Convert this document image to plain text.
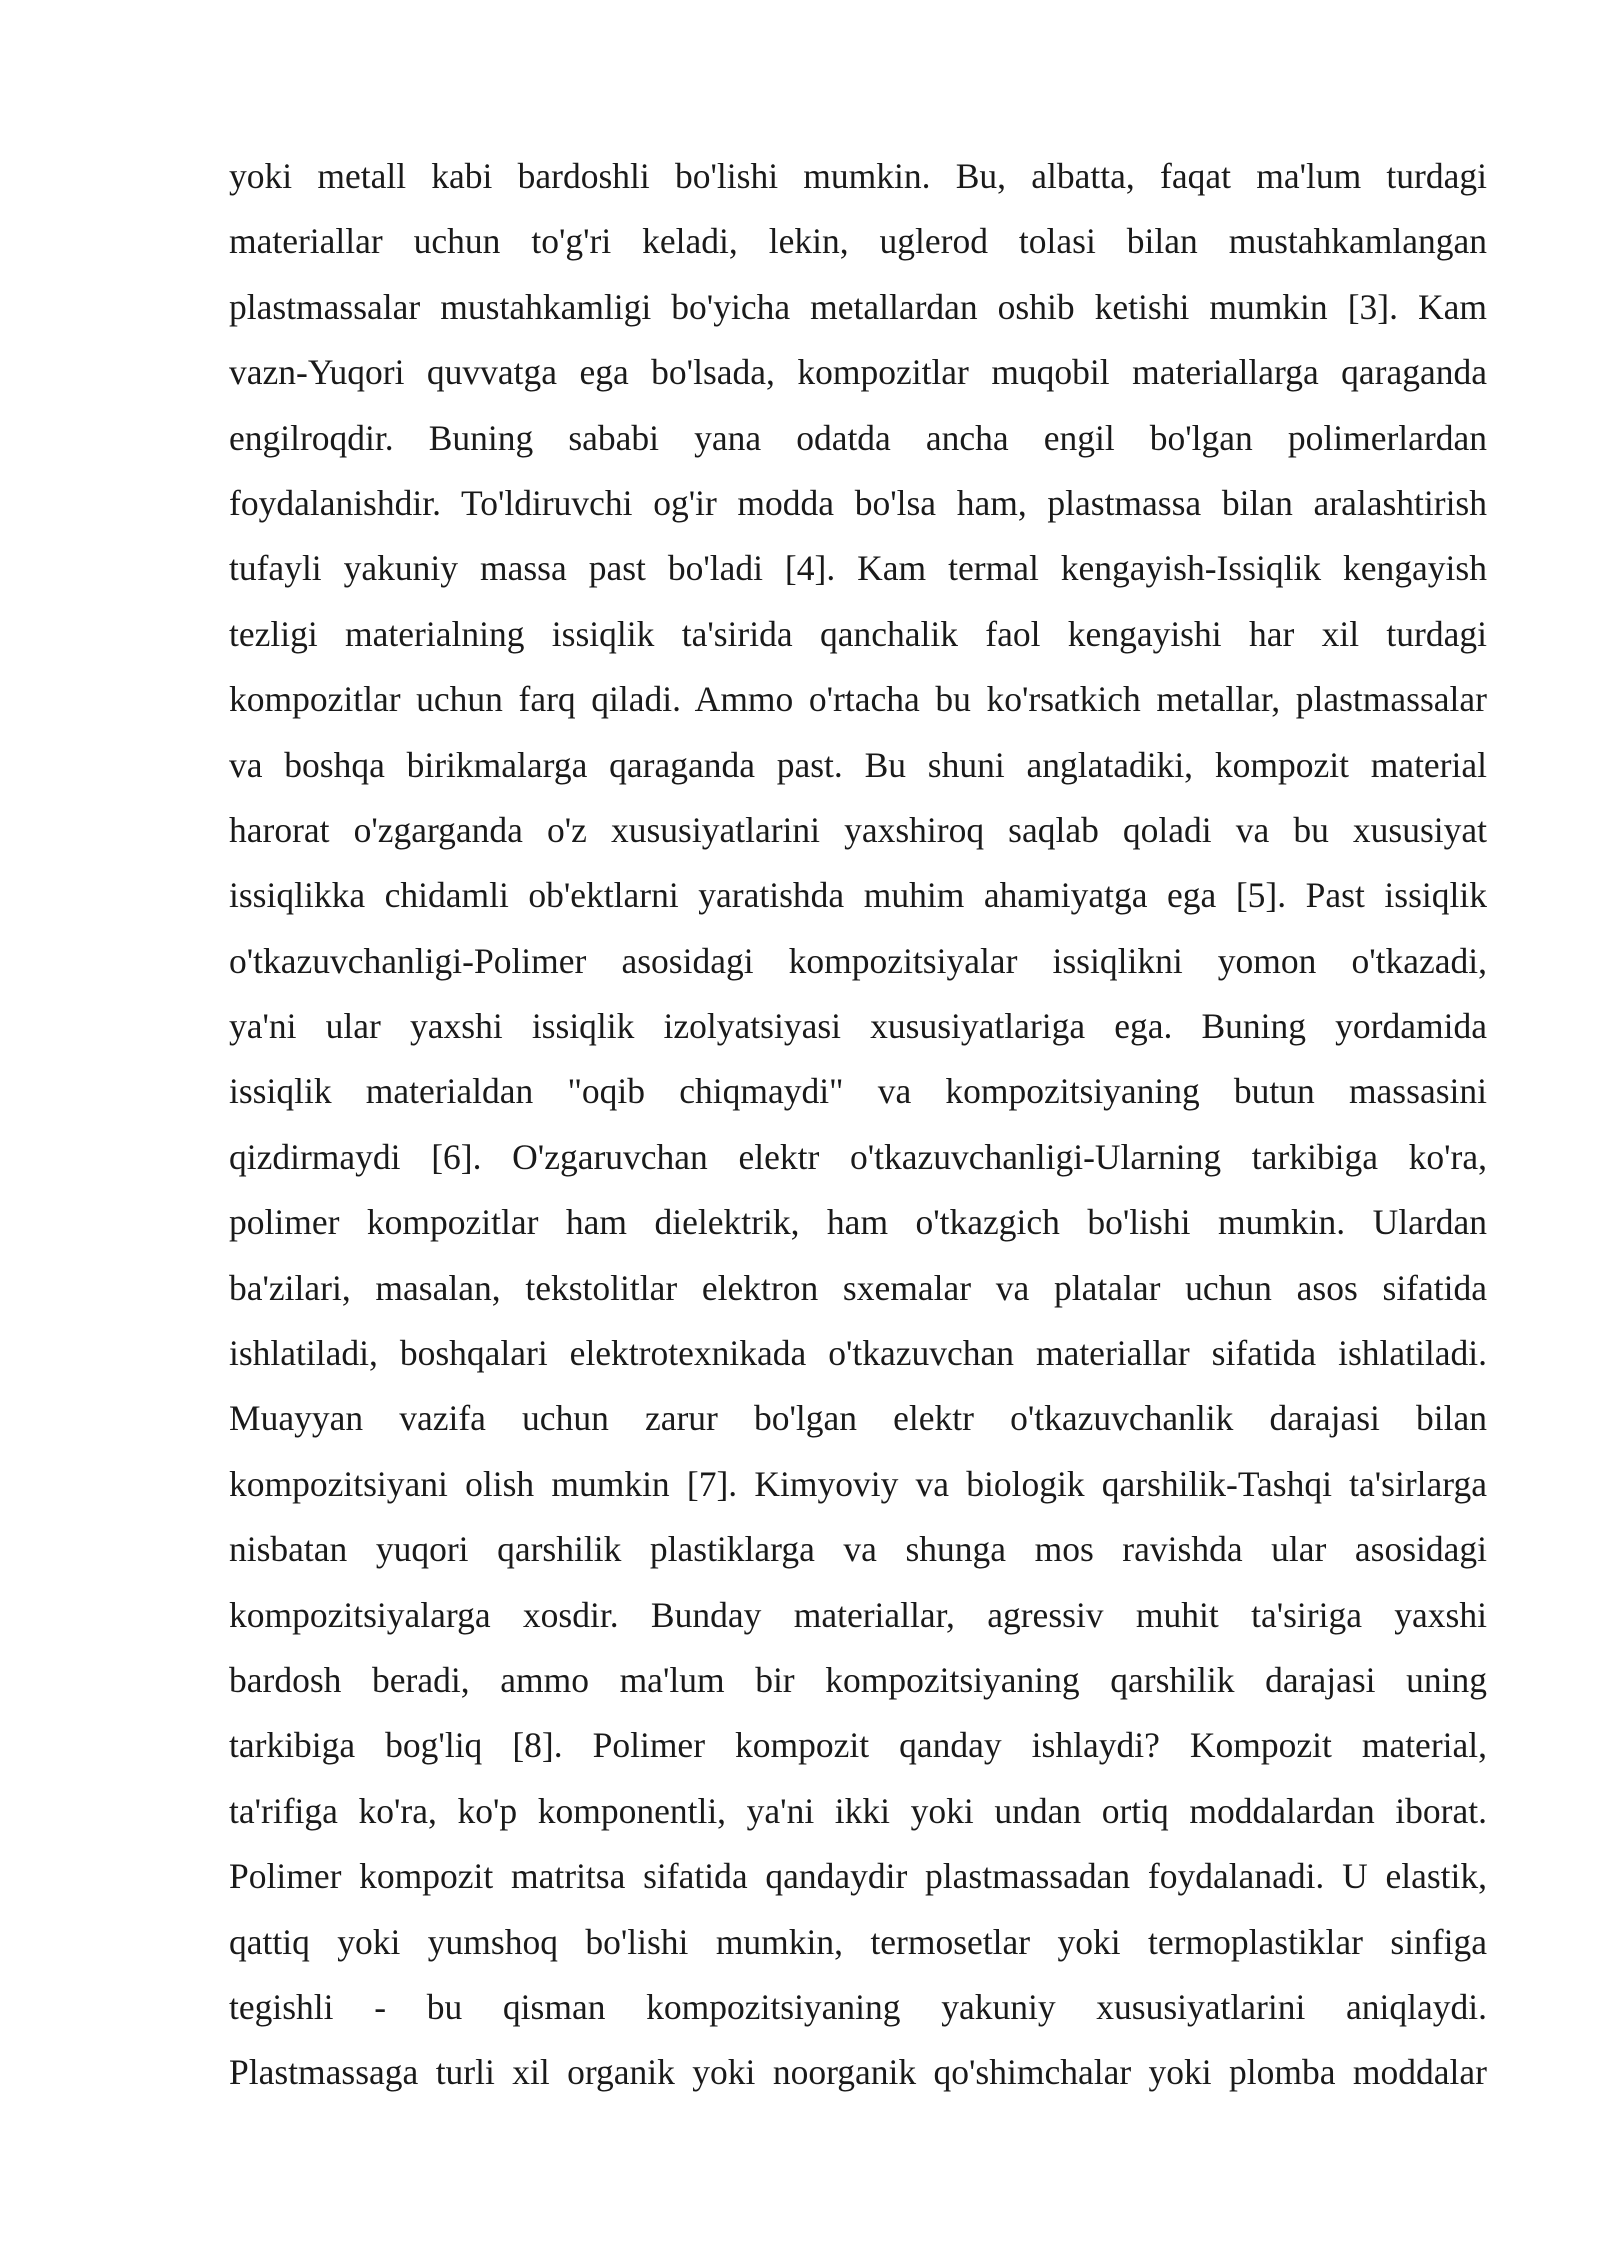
yoki metall kabi bardoshli bo'lishi mumkin. Bu, albatta, faqat ma'lum turdagi
materiallar uchun to'g'ri keladi, lekin, uglerod tolasi bilan mustahkamlangan
plastmassalar mustahkamligi bo'yicha metallardan oshib ketishi mumkin [3]. Kam
vazn-Yuqori quvvatga ega bo'lsada, kompozitlar muqobil materiallarga qaraganda
engilroqdir. Buning sababi yana odatda ancha engil bo'lgan polimerlardan
foydalanishdir. To'ldiruvchi og'ir modda bo'lsa ham, plastmassa bilan aralashtirish
tufayli yakuniy massa past bo'ladi [4]. Kam termal kengayish-Issiqlik kengayish
tezligi materialning issiqlik ta'sirida qanchalik faol kengayishi har xil turdagi
kompozitlar uchun farq qiladi. Ammo o'rtacha bu ko'rsatkich metallar, plastmassalar
va boshqa birikmalarga qaraganda past. Bu shuni anglatadiki, kompozit material
harorat o'zgarganda o'z xususiyatlarini yaxshiroq saqlab qoladi va bu xususiyat
issiqlikka chidamli ob'ektlarni yaratishda muhim ahamiyatga ega [5]. Past issiqlik
o'tkazuvchanligi-Polimer asosidagi kompozitsiyalar issiqlikni yomon o'tkazadi,
ya'ni ular yaxshi issiqlik izolyatsiyasi xususiyatlariga ega. Buning yordamida
issiqlik materialdan "oqib chiqmaydi" va kompozitsiyaning butun massasini
qizdirmaydi [6]. O'zgaruvchan elektr o'tkazuvchanligi-Ularning tarkibiga ko'ra,
polimer kompozitlar ham dielektrik, ham o'tkazgich bo'lishi mumkin. Ulardan
ba'zilari, masalan, tekstolitlar elektron sxemalar va platalar uchun asos sifatida
ishlatiladi, boshqalari elektrotexnikada o'tkazuvchan materiallar sifatida ishlatiladi.
Muayyan vazifa uchun zarur bo'lgan elektr o'tkazuvchanlik darajasi bilan
kompozitsiyani olish mumkin [7]. Kimyoviy va biologik qarshilik-Tashqi ta'sirlarga
nisbatan yuqori qarshilik plastiklarga va shunga mos ravishda ular asosidagi
kompozitsiyalarga xosdir. Bunday materiallar, agressiv muhit ta'siriga yaxshi
bardosh beradi, ammo ma'lum bir kompozitsiyaning qarshilik darajasi uning
tarkibiga bog'liq [8]. Polimer kompozit qanday ishlaydi? Kompozit material,
ta'rifiga ko'ra, ko'p komponentli, ya'ni ikki yoki undan ortiq moddalardan iborat.
Polimer kompozit matritsa sifatida qandaydir plastmassadan foydalanadi. U elastik,
qattiq yoki yumshoq bo'lishi mumkin, termosetlar yoki termoplastiklar sinfiga
tegishli - bu qisman kompozitsiyaning yakuniy xususiyatlarini aniqlaydi.
Plastmassaga turli xil organik yoki noorganik qo'shimchalar yoki plomba moddalar
